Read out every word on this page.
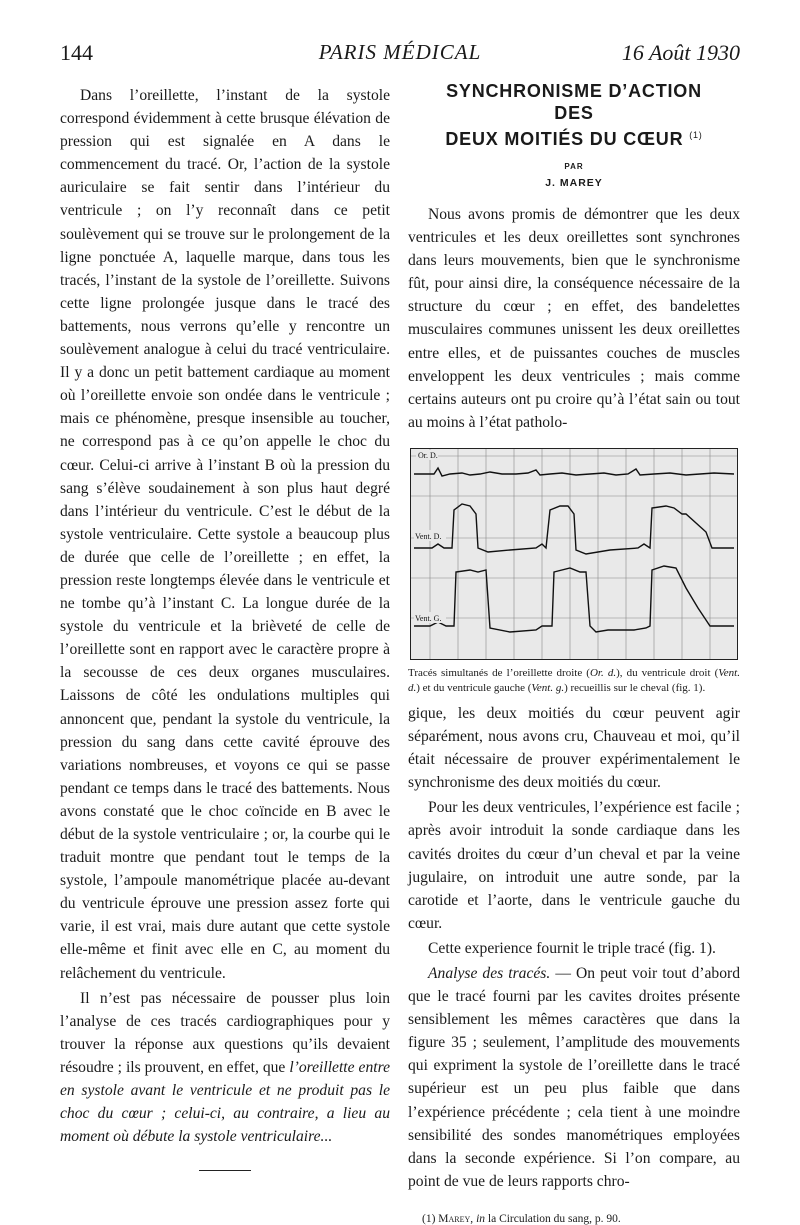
144	PARIS MÉDICAL	16 Août 1930

Dans l’oreillette, l’instant de la systole correspond évidemment à cette brusque élévation de pression qui est signalée en A dans le commencement du tracé. Or, l’action de la systole auriculaire se fait sentir dans l’intérieur du ventricule ; on l’y reconnaît dans ce petit soulèvement qui se trouve sur le prolongement de la ligne ponctuée A, laquelle marque, dans tous les tracés, l’instant de la systole de l’oreillette. Suivons cette ligne prolongée jusque dans le tracé des battements, nous verrons qu’elle y rencontre un soulèvement analogue à celui du tracé ventriculaire. Il y a donc un petit battement cardiaque au moment où l’oreillette envoie son ondée dans le ventricule ; mais ce phénomène, presque insensible au toucher, ne correspond pas à ce qu’on appelle le choc du cœur. Celui-ci arrive à l’instant B où la pression du sang s’élève soudainement à son plus haut degré dans l’intérieur du ventricule. C’est le début de la systole ventriculaire. Cette systole a beaucoup plus de durée que celle de l’oreillette ; en effet, la pression reste longtemps élevée dans le ventricule et ne tombe qu’à l’instant C. La longue durée de la systole du ventricule et la brièveté de celle de l’oreillette sont en rapport avec le caractère propre à la secousse de ces deux organes musculaires. Laissons de côté les ondulations multiples qui annoncent que, pendant la systole du ventricule, la pression du sang dans cette cavité éprouve des variations nombreuses, et voyons ce qui se passe pendant ce temps dans le tracé des battements. Nous avons constaté que le choc coïncide en B avec le début de la systole ventriculaire ; or, la courbe qui le traduit montre que pendant tout le temps de la systole, l’ampoule manométrique placée au-devant du ventricule éprouve une pression assez forte qui varie, il est vrai, mais dure autant que cette systole elle-même et finit avec elle en C, au moment du relâchement du ventricule.

Il n’est pas nécessaire de pousser plus loin l’analyse de ces tracés cardiographiques pour y trouver la réponse aux questions qu’ils devaient résoudre ; ils prouvent, en effet, que l’oreillette entre en systole avant le ventricule et ne produit pas le choc du cœur ; celui-ci, au contraire, a lieu au moment où débute la systole ventriculaire...

SYNCHRONISME D’ACTION
DES
DEUX MOITIÉS DU CŒUR $^{(1)}$
PAR
J. MAREY

Nous avons promis de démontrer que les deux ventricules et les deux oreillettes sont synchrones dans leurs mouvements, bien que le synchronisme fût, pour ainsi dire, la conséquence nécessaire de la structure du cœur ; en effet, des bandelettes musculaires communes unissent les deux oreillettes entre elles, et de puissantes couches de muscles enveloppent les deux ventricules ; mais comme certains auteurs ont pu croire qu’à l’état sain ou tout au moins à l’état patholo-

Or. D.
Vent. D.
Vent. G.
Tracés simultanés de l’oreillette droite (Or. d.), du ventricule droit (Vent. d.) et du ventricule gauche (Vent. g.) recueillis sur le cheval (fig. 1).

gique, les deux moitiés du cœur peuvent agir séparément, nous avons cru, Chauveau et moi, qu’il était nécessaire de prouver expérimentalement le synchronisme des deux moitiés du cœur.

Pour les deux ventricules, l’expérience est facile ; après avoir introduit la sonde cardiaque dans les cavités droites du cœur d’un cheval et par la veine jugulaire, on introduit une autre sonde, par la carotide et l’aorte, dans le ventricule gauche du cœur.

Cette experience fournit le triple tracé (fig. 1).

Analyse des tracés. — On peut voir tout d’abord que le tracé fourni par les cavites droites présente sensiblement les mêmes caractères que dans la figure 35 ; seulement, l’amplitude des mouvements qui expriment la systole de l’oreillette dans le tracé supérieur est un peu plus faible que dans l’expérience précédente ; cela tient à une moindre sensibilité des sondes manométriques employées dans la seconde expérience. Si l’on compare, au point de vue de leurs rapports chro-

(1) Marey, in la Circulation du sang, p. 90.
